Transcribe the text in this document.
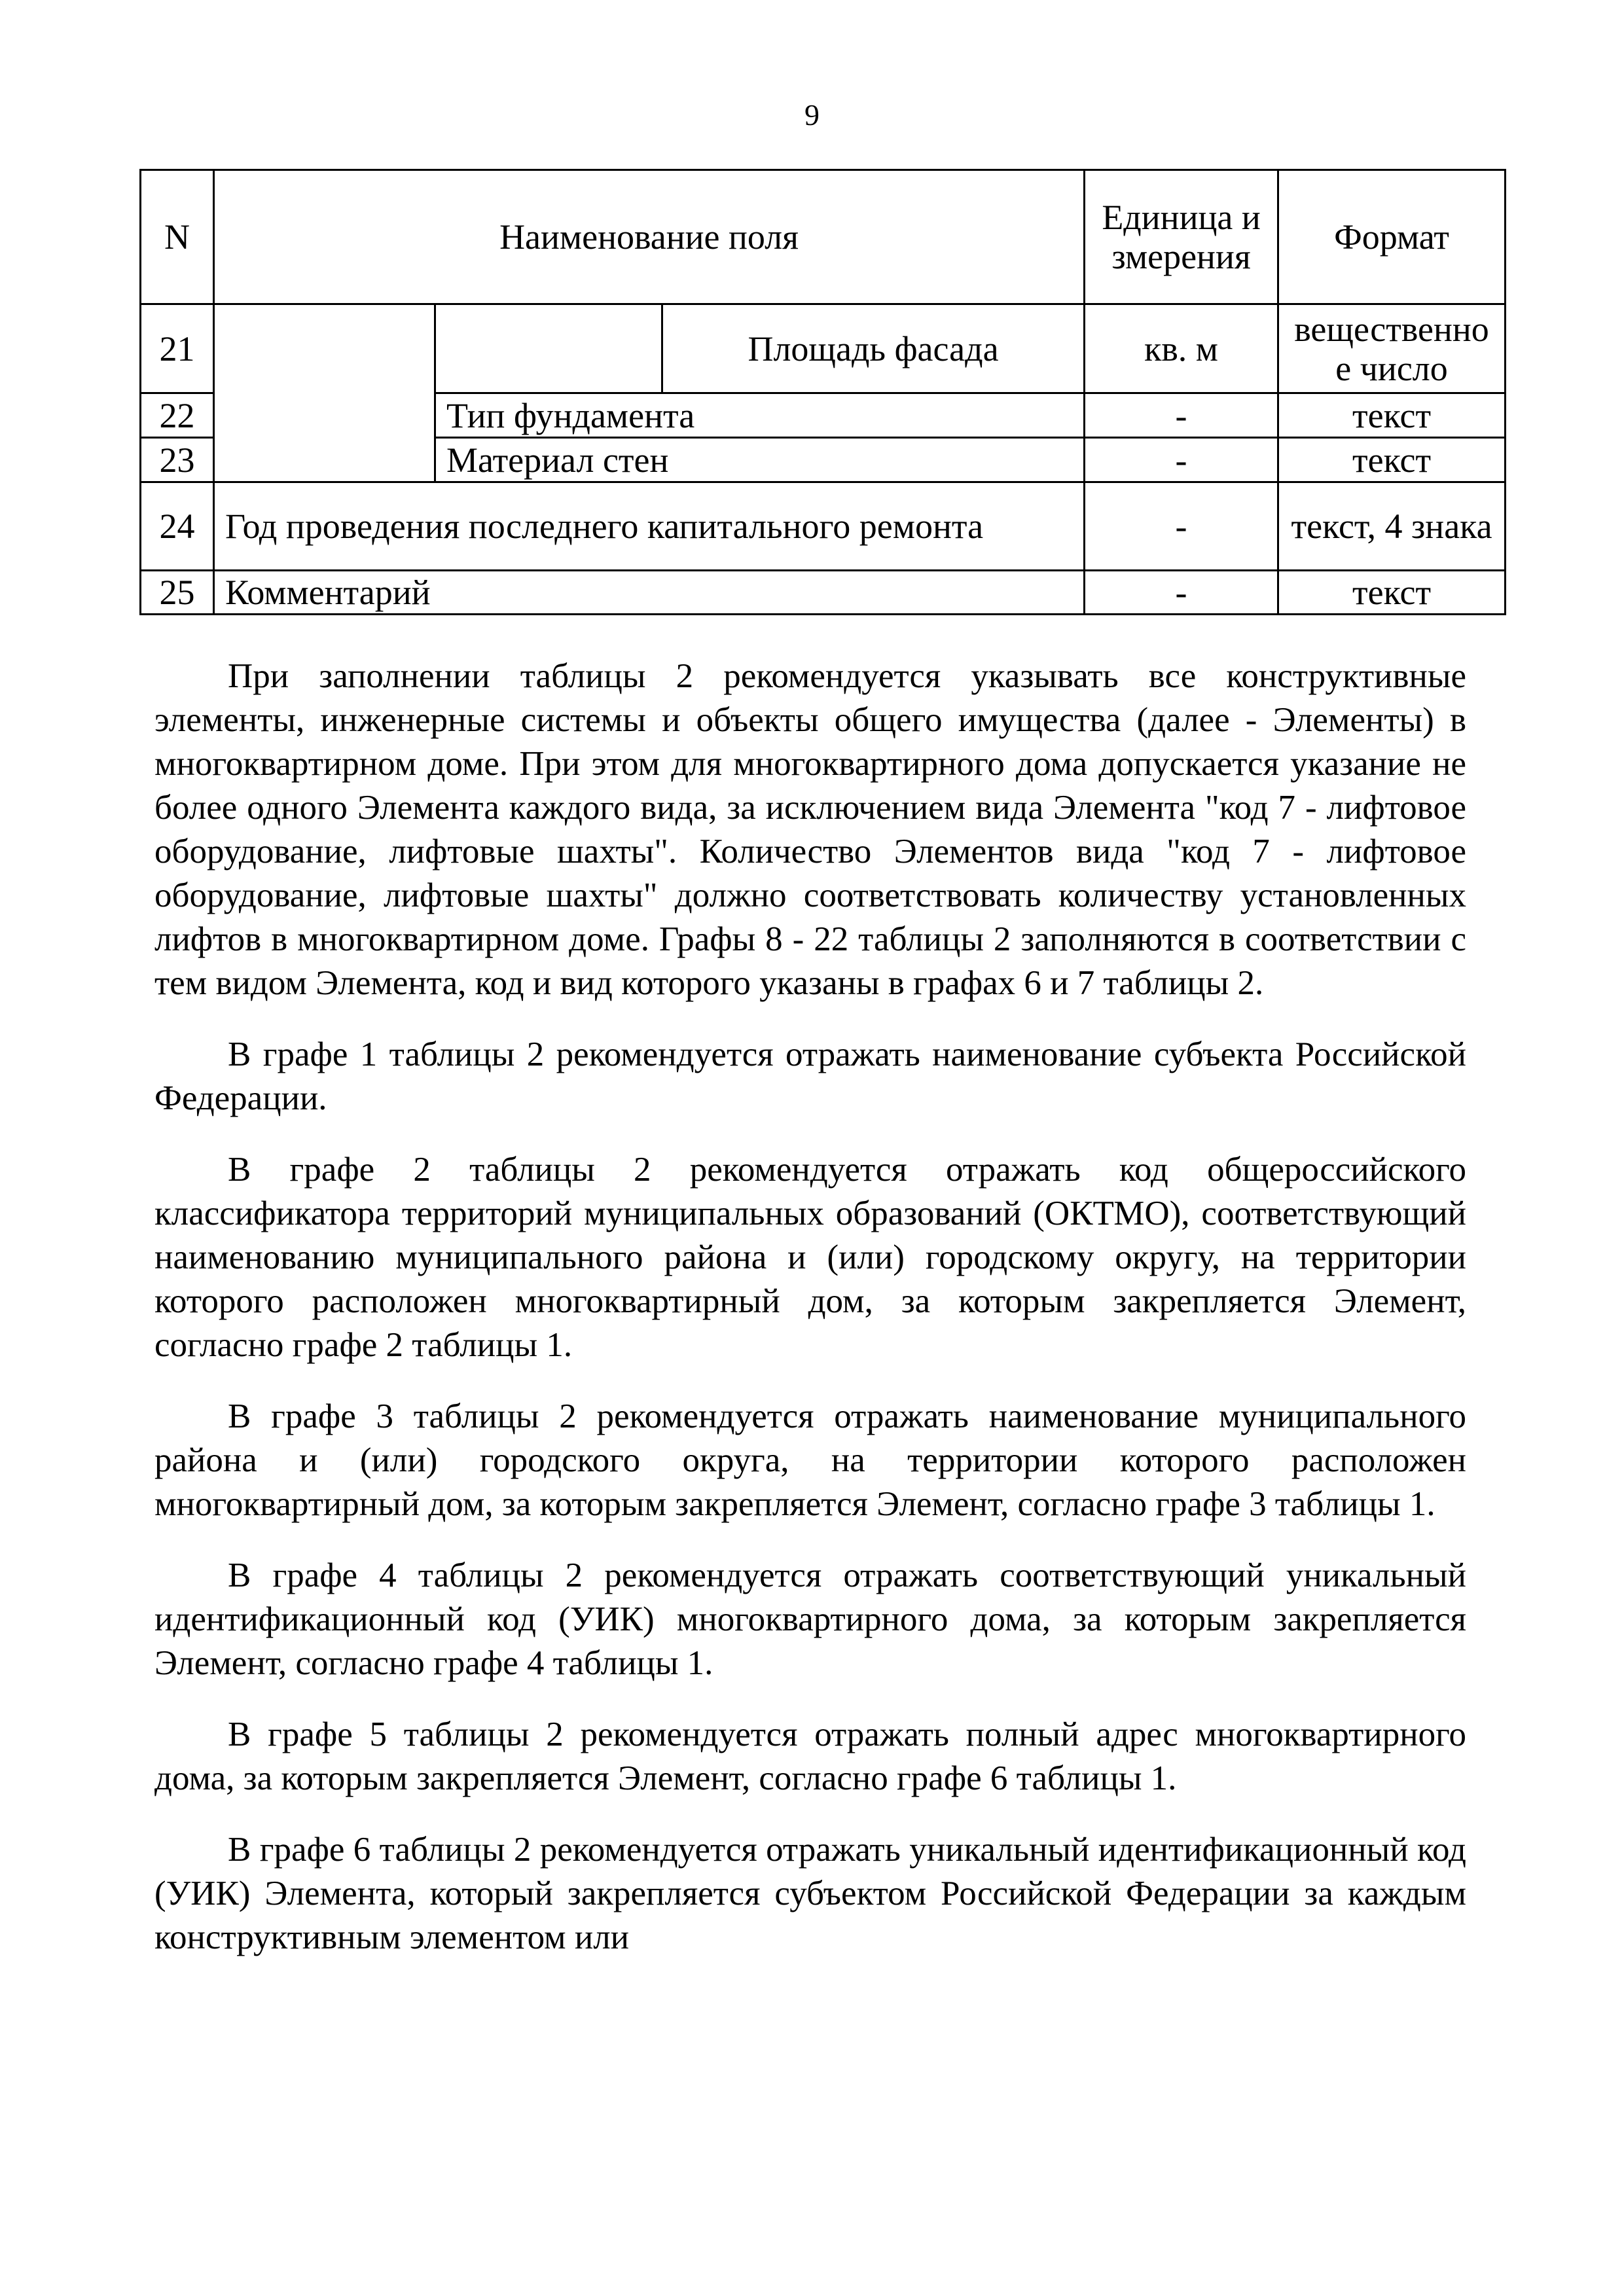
9
N	Наименование поля			Единица измерения	Формат
21			Площадь фасада	кв. м	вещественное число
22		Тип фундамента		-	текст
23		Материал стен		-	текст
24	Год проведения последнего капитального ремонта			-	текст, 4 знака
25	Комментарий			-	текст

При заполнении таблицы 2 рекомендуется указывать все конструктивные элементы, инженерные системы и объекты общего имущества (далее - Элементы) в многоквартирном доме. При этом для многоквартирного дома допускается указание не более одного Элемента каждого вида, за исключением вида Элемента "код 7 - лифтовое оборудование, лифтовые шахты". Количество Элементов вида "код 7 - лифтовое оборудование, лифтовые шахты" должно соответствовать количеству установленных лифтов в многоквартирном доме. Графы 8 - 22 таблицы 2 заполняются в соответствии с тем видом Элемента, код и вид которого указаны в графах 6 и 7 таблицы 2.

В графе 1 таблицы 2 рекомендуется отражать наименование субъекта Российской Федерации.

В графе 2 таблицы 2 рекомендуется отражать код общероссийского классификатора территорий муниципальных образований (ОКТМО), соответствующий наименованию муниципального района и (или) городскому округу, на территории которого расположен многоквартирный дом, за которым закрепляется Элемент, согласно графе 2 таблицы 1.

В графе 3 таблицы 2 рекомендуется отражать наименование муниципального района и (или) городского округа, на территории которого расположен многоквартирный дом, за которым закрепляется Элемент, согласно графе 3 таблицы 1.

В графе 4 таблицы 2 рекомендуется отражать соответствующий уникальный идентификационный код (УИК) многоквартирного дома, за которым закрепляется Элемент, согласно графе 4 таблицы 1.

В графе 5 таблицы 2 рекомендуется отражать полный адрес многоквартирного дома, за которым закрепляется Элемент, согласно графе 6 таблицы 1.

В графе 6 таблицы 2 рекомендуется отражать уникальный идентификационный код (УИК) Элемента, который закрепляется субъектом Российской Федерации за каждым конструктивным элементом или
